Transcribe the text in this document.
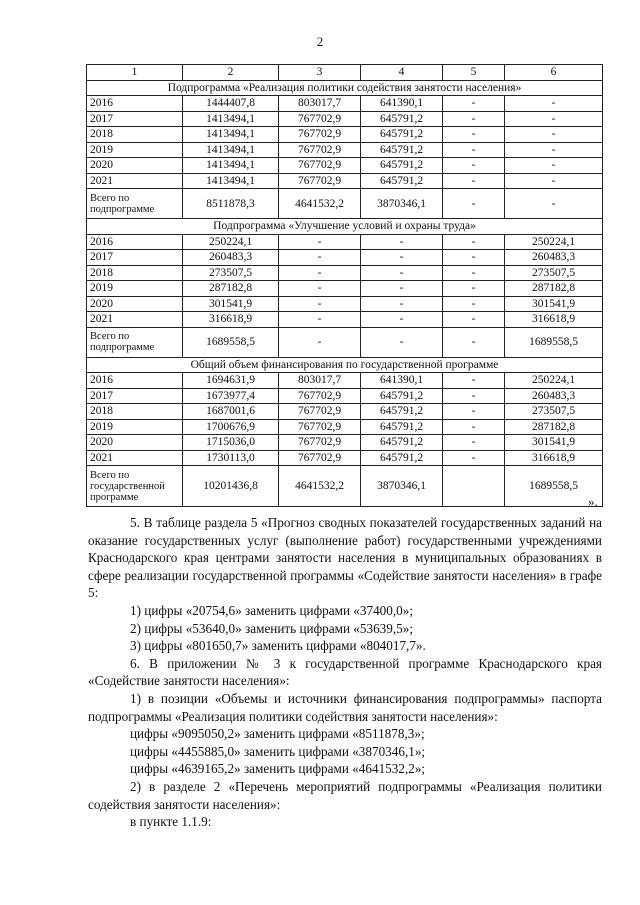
2
1	2	3	4	5	6
Подпрограмма «Реализация политики содействия занятости населения»					
2016	1444407,8	803017,7	641390,1	-	-
2017	1413494,1	767702,9	645791,2	-	-
2018	1413494,1	767702,9	645791,2	-	-
2019	1413494,1	767702,9	645791,2	-	-
2020	1413494,1	767702,9	645791,2	-	-
2021	1413494,1	767702,9	645791,2	-	-
Всего по подпрограмме	8511878,3	4641532,2	3870346,1	-	-
Подпрограмма «Улучшение условий и охраны труда»					
2016	250224,1	-	-	-	250224,1
2017	260483,3	-	-	-	260483,3
2018	273507,5	-	-	-	273507,5
2019	287182,8	-	-	-	287182,8
2020	301541,9	-	-	-	301541,9
2021	316618,9	-	-	-	316618,9
Всего по подпрограмме	1689558,5	-	-	-	1689558,5
Общий объем финансирования по государственной программе					
2016	1694631,9	803017,7	641390,1	-	250224,1
2017	1673977,4	767702,9	645791,2	-	260483,3
2018	1687001,6	767702,9	645791,2	-	273507,5
2019	1700676,9	767702,9	645791,2	-	287182,8
2020	1715036,0	767702,9	645791,2	-	301541,9
2021	1730113,0	767702,9	645791,2	-	316618,9
Всего по государственной программе	10201436,8	4641532,2	3870346,1		1689558,5
».

5. В таблице раздела 5 «Прогноз сводных показателей государственных заданий на оказание государственных услуг (выполнение работ) государственными учреждениями Краснодарского края центрами занятости населения в муниципальных образованиях в сфере реализации государственной программы «Содействие занятости населения» в графе 5:

1) цифры «20754,6» заменить цифрами «37400,0»;

2) цифры «53640,0» заменить цифрами «53639,5»;

3) цифры «801650,7» заменить цифрами «804017,7».

6. В приложении № 3 к государственной программе Краснодарского края «Содействие занятости населения»:

1) в позиции «Объемы и источники финансирования подпрограммы» паспорта подпрограммы «Реализация политики содействия занятости населения»:

цифры «9095050,2» заменить цифрами «8511878,3»;

цифры «4455885,0» заменить цифрами «3870346,1»;

цифры «4639165,2» заменить цифрами «4641532,2»;

2) в разделе 2 «Перечень мероприятий подпрограммы «Реализация политики содействия занятости населения»:

в пункте 1.1.9:
